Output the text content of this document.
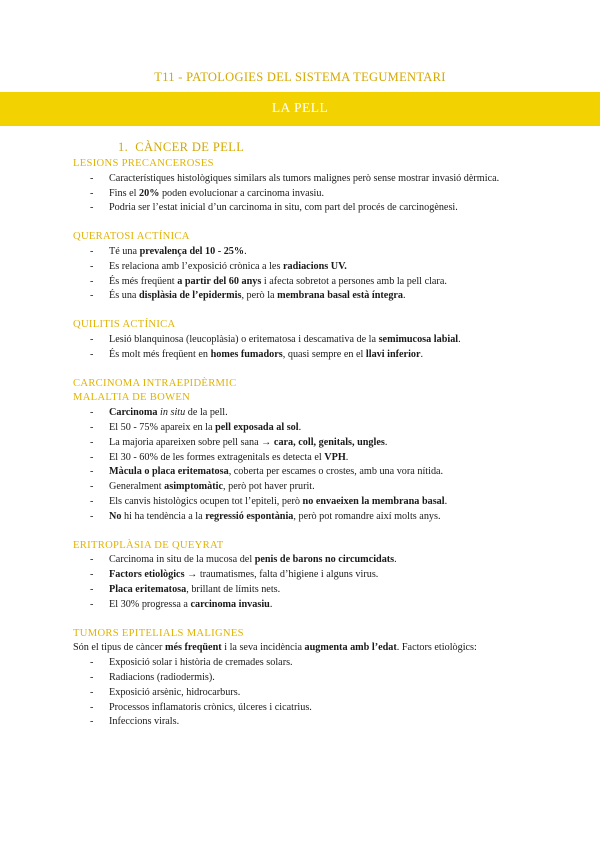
T11 - PATOLOGIES DEL SISTEMA TEGUMENTARI
LA PELL
1. CÀNCER DE PELL
LESIONS PRECANCEROSES
- Característiques histològiques similars als tumors malignes però sense mostrar invasió dèrmica.
- Fins el 20% poden evolucionar a carcinoma invasiu.
- Podria ser l’estat inicial d’un carcinoma in situ, com part del procés de carcinogènesi.
QUERATOSI ACTÍNICA
- Té una prevalença del 10 - 25%.
- Es relaciona amb l’exposició crònica a les radiacions UV.
- És més freqüent a partir del 60 anys i afecta sobretot a persones amb la pell clara.
- És una displàsia de l’epidermis, però la membrana basal està íntegra.
QUILITIS ACTÍNICA
- Lesió blanquinosa (leucoplàsia) o eritematosa i descamativa de la semimucosa labial.
- És molt més freqüent en homes fumadors, quasi sempre en el llavi inferior.
CARCINOMA INTRAEPIDÈRMIC
MALALTIA DE BOWEN
- Carcinoma in situ de la pell.
- El 50 - 75% apareix en la pell exposada al sol.
- La majoria apareixen sobre pell sana → cara, coll, genitals, ungles.
- El 30 - 60% de les formes extragenitals es detecta el VPH.
- Màcula o placa eritematosa, coberta per escames o crostes, amb una vora nítida.
- Generalment asimptomàtic, però pot haver prurit.
- Els canvis histològics ocupen tot l’epiteli, però no envaeixen la membrana basal.
- No hi ha tendència a la regressió espontània, però pot romandre així molts anys.
ERITROPLÀSIA DE QUEYRAT
- Carcinoma in situ de la mucosa del penis de barons no circumcidats.
- Factors etiològics → traumatismes, falta d’higiene i alguns virus.
- Placa eritematosa, brillant de límits nets.
- El 30% progressa a carcinoma invasiu.
TUMORS EPITELIALS MALIGNES

Són el tipus de càncer més freqüent i la seva incidència augmenta amb l’edat. Factors etiològics:

- Exposició solar i història de cremades solars.
- Radiacions (radiodermis).
- Exposició arsènic, hidrocarburs.
- Processos inflamatoris crònics, úlceres i cicatrius.
- Infeccions virals.
